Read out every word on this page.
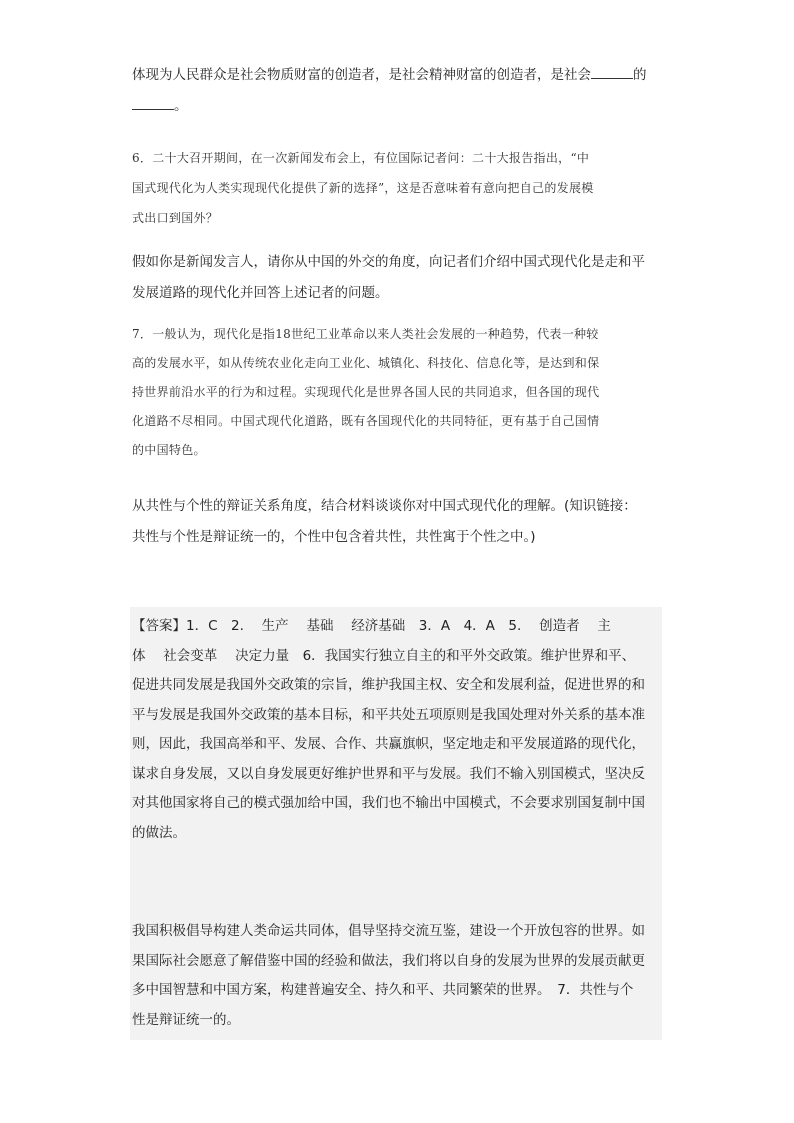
体现为人民群众是社会物质财富的创造者，是社会精神财富的创造者，是社会	的
。
6．二十大召开期间，在一次新闻发布会上，有位国际记者问：二十大报告指出，“中
国式现代化为人类实现现代化提供了新的选择”，这是否意味着有意向把自己的发展模
式出口到国外？
假如你是新闻发言人，请你从中国的外交的角度，向记者们介绍中国式现代化是走和平
发展道路的现代化并回答上述记者的问题。
7．一般认为，现代化是指18世纪工业革命以来人类社会发展的一种趋势，代表一种较
高的发展水平，如从传统农业化走向工业化、城镇化、科技化、信息化等，是达到和保
持世界前沿水平的行为和过程。实现现代化是世界各国人民的共同追求，但各国的现代
化道路不尽相同。中国式现代化道路，既有各国现代化的共同特征，更有基于自己国情
的中国特色。
从共性与个性的辩证关系角度，结合材料谈谈你对中国式现代化的理解。(知识链接：
共性与个性是辩证统一的，个性中包含着共性，共性寓于个性之中。)
【答案】1．C　2.　 生产　 基础　 经济基础　3．A　4．A　5.　 创造者　 主
体　 社会变革　 决定力量　6．我国实行独立自主的和平外交政策。维护世界和平、
促进共同发展是我国外交政策的宗旨，维护我国主权、安全和发展利益，促进世界的和
平与发展是我国外交政策的基本目标，和平共处五项原则是我国处理对外关系的基本准
则，因此，我国高举和平、发展、合作、共赢旗帜，坚定地走和平发展道路的现代化，
谋求自身发展，又以自身发展更好维护世界和平与发展。我们不输入别国模式，坚决反
对其他国家将自己的模式强加给中国，我们也不输出中国模式，不会要求别国复制中国
的做法。
我国积极倡导构建人类命运共同体，倡导坚持交流互鉴，建设一个开放包容的世界。如
果国际社会愿意了解借鉴中国的经验和做法，我们将以自身的发展为世界的发展贡献更
多中国智慧和中国方案，构建普遍安全、持久和平、共同繁荣的世界。　7．共性与个
性是辩证统一的。
